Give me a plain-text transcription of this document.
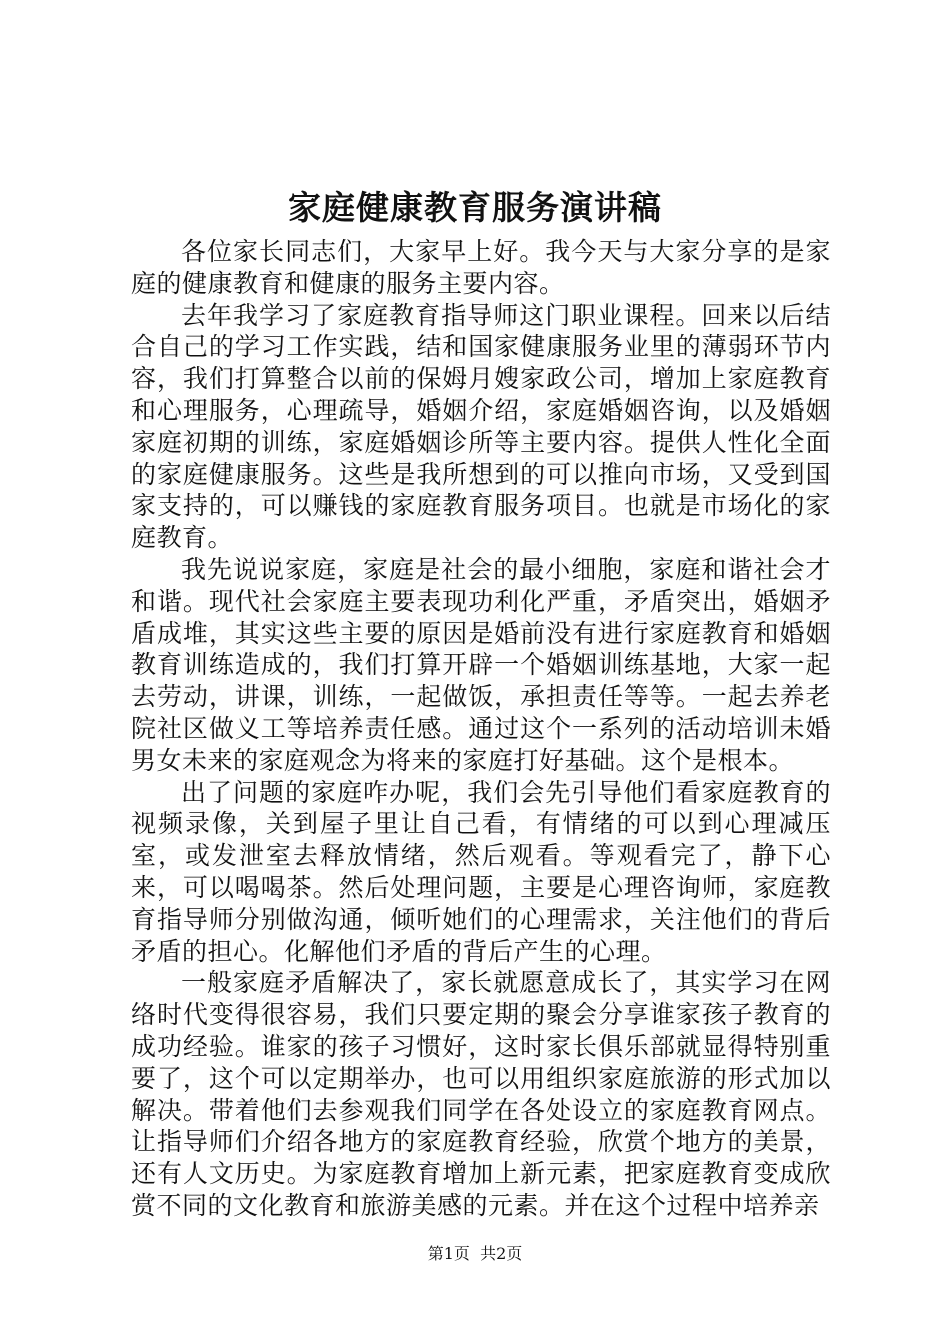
家庭健康教育服务演讲稿

各位家长同志们，大家早上好。我今天与大家分享的是家庭的健康教育和健康的服务主要内容。

去年我学习了家庭教育指导师这门职业课程。回来以后结合自己的学习工作实践，结和国家健康服务业里的薄弱环节内容，我们打算整合以前的保姆月嫂家政公司，增加上家庭教育和心理服务，心理疏导，婚姻介绍，家庭婚姻咨询，以及婚姻家庭初期的训练，家庭婚姻诊所等主要内容。提供人性化全面的家庭健康服务。这些是我所想到的可以推向市场，又受到国家支持的，可以赚钱的家庭教育服务项目。也就是市场化的家庭教育。

我先说说家庭，家庭是社会的最小细胞，家庭和谐社会才和谐。现代社会家庭主要表现功利化严重，矛盾突出，婚姻矛盾成堆，其实这些主要的原因是婚前没有进行家庭教育和婚姻教育训练造成的，我们打算开辟一个婚姻训练基地，大家一起去劳动，讲课，训练，一起做饭，承担责任等等。一起去养老院社区做义工等培养责任感。通过这个一系列的活动培训未婚男女未来的家庭观念为将来的家庭打好基础。这个是根本。

出了问题的家庭咋办呢，我们会先引导他们看家庭教育的视频录像，关到屋子里让自己看，有情绪的可以到心理减压室，或发泄室去释放情绪，然后观看。等观看完了，静下心来，可以喝喝茶。然后处理问题，主要是心理咨询师，家庭教育指导师分别做沟通，倾听她们的心理需求，关注他们的背后矛盾的担心。化解他们矛盾的背后产生的心理。

一般家庭矛盾解决了，家长就愿意成长了，其实学习在网络时代变得很容易，我们只要定期的聚会分享谁家孩子教育的成功经验。谁家的孩子习惯好，这时家长俱乐部就显得特别重要了，这个可以定期举办，也可以用组织家庭旅游的形式加以解决。带着他们去参观我们同学在各处设立的家庭教育网点。让指导师们介绍各地方的家庭教育经验，欣赏个地方的美景，还有人文历史。为家庭教育增加上新元素，把家庭教育变成欣赏不同的文化教育和旅游美感的元素。并在这个过程中培养亲

第1页  共2页
